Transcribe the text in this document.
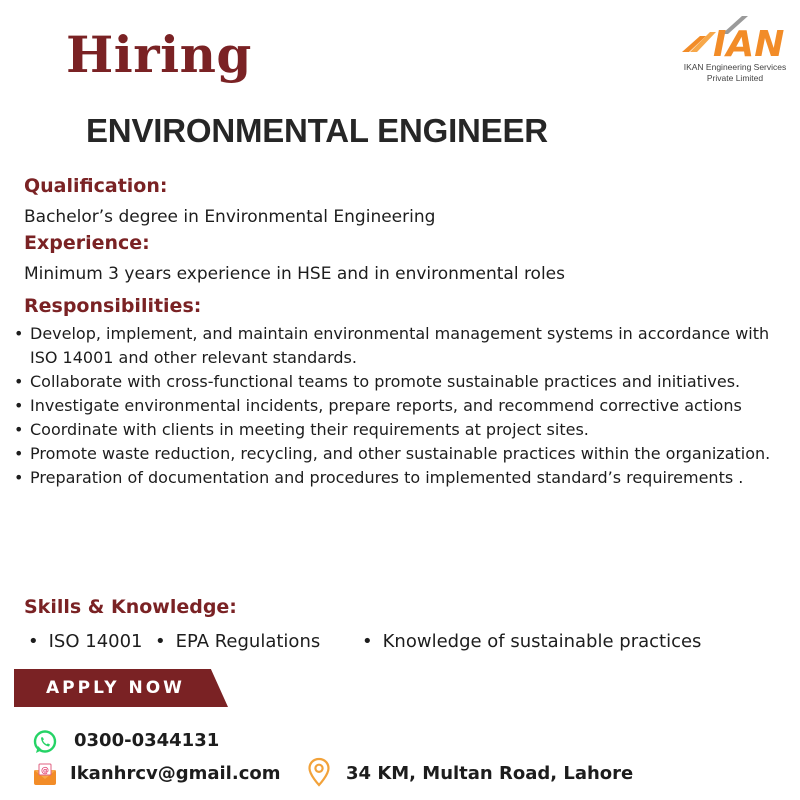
Hiring
ENVIRONMENTAL ENGINEER
IAN
IKAN Engineering Services
Private Limited
Qualification:
Bachelor’s degree in Environmental Engineering
Experience:
Minimum 3 years experience in HSE and in environmental roles
Responsibilities:
• Develop, implement, and maintain environmental management systems in accordance with ISO 14001 and other relevant standards.
• Collaborate with cross-functional teams to promote sustainable practices and initiatives.
• Investigate environmental incidents, prepare reports, and recommend corrective actions
• Coordinate with clients in meeting their requirements at project sites.
• Promote waste reduction, recycling, and other sustainable practices within the organization.
• Preparation of documentation and procedures to implemented standard’s requirements .
Skills & Knowledge:
• ISO 14001 • EPA Regulations • Knowledge of sustainable practices
APPLY NOW
0300-0344131
@ Ikanhrcv@gmail.com	34 KM, Multan Road, Lahore
